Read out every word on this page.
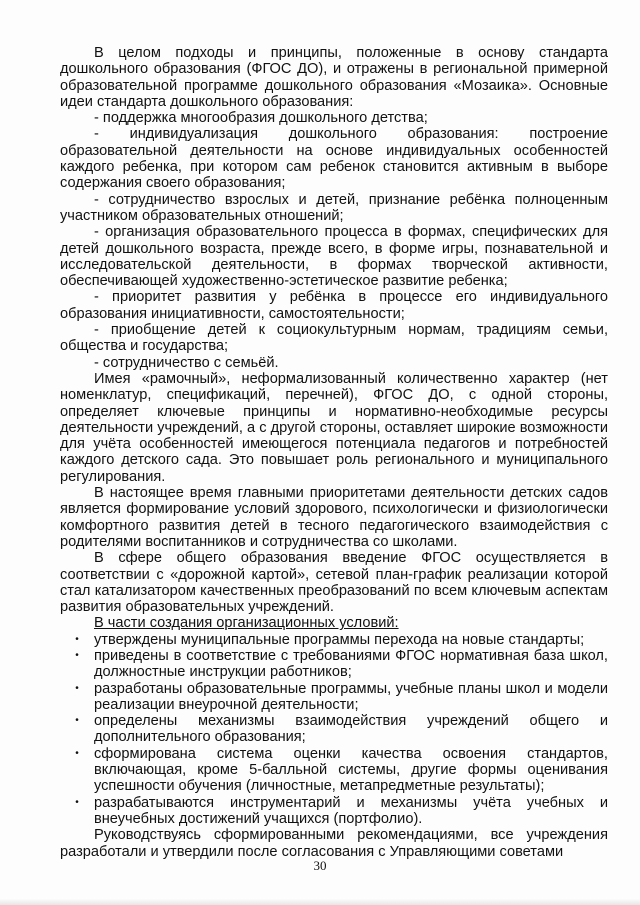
В целом подходы и принципы, положенные в основу стандарта дошкольного образования (ФГОС ДО), и отражены в региональной примерной образовательной программе дошкольного образования «Мозаика». Основные идеи стандарта дошкольного образования:

- поддержка многообразия дошкольного детства;

- индивидуализация дошкольного образования: построение образовательной деятельности на основе индивидуальных особенностей каждого ребенка, при котором сам ребенок становится активным в выборе содержания своего образования;

- сотрудничество взрослых и детей, признание ребёнка полноценным участником образовательных отношений;

- организация образовательного процесса в формах, специфических для детей дошкольного возраста, прежде всего, в форме игры, познавательной и исследовательской деятельности, в формах творческой активности, обеспечивающей художественно-эстетическое развитие ребенка;

- приоритет развития у ребёнка в процессе его индивидуального образования инициативности, самостоятельности;

- приобщение детей к социокультурным нормам, традициям семьи, общества и государства;

- сотрудничество с семьёй.

Имея «рамочный», неформализованный количественно характер (нет номенклатур, спецификаций, перечней), ФГОС ДО, с одной стороны, определяет ключевые принципы и нормативно-необходимые ресурсы деятельности учреждений, а с другой стороны, оставляет широкие возможности для учёта особенностей имеющегося потенциала педагогов и потребностей каждого детского сада. Это повышает роль регионального и муниципального регулирования.

В настоящее время главными приоритетами деятельности детских садов является формирование условий здорового, психологически и физиологически комфортного развития детей в тесного педагогического взаимодействия с родителями воспитанников и сотрудничества со школами.

В сфере общего образования введение ФГОС осуществляется в соответствии с «дорожной картой», сетевой план-график реализации которой стал катализатором качественных преобразований по всем ключевым аспектам развития образовательных учреждений.

В части создания организационных условий:

•	утверждены муниципальные программы перехода на новые стандарты;
•	приведены в соответствие с требованиями ФГОС нормативная база школ, должностные инструкции работников;
•	разработаны образовательные программы, учебные планы школ и модели реализации внеурочной деятельности;
•	определены механизмы взаимодействия учреждений общего и дополнительного образования;
•	сформирована система оценки качества освоения стандартов, включающая, кроме 5-балльной системы, другие формы оценивания успешности обучения (личностные, метапредметные результаты);
•	разрабатываются инструментарий и механизмы учёта учебных и внеучебных достижений учащихся (портфолио).

Руководствуясь сформированными рекомендациями, все учреждения разработали и утвердили после согласования с Управляющими советами

30
